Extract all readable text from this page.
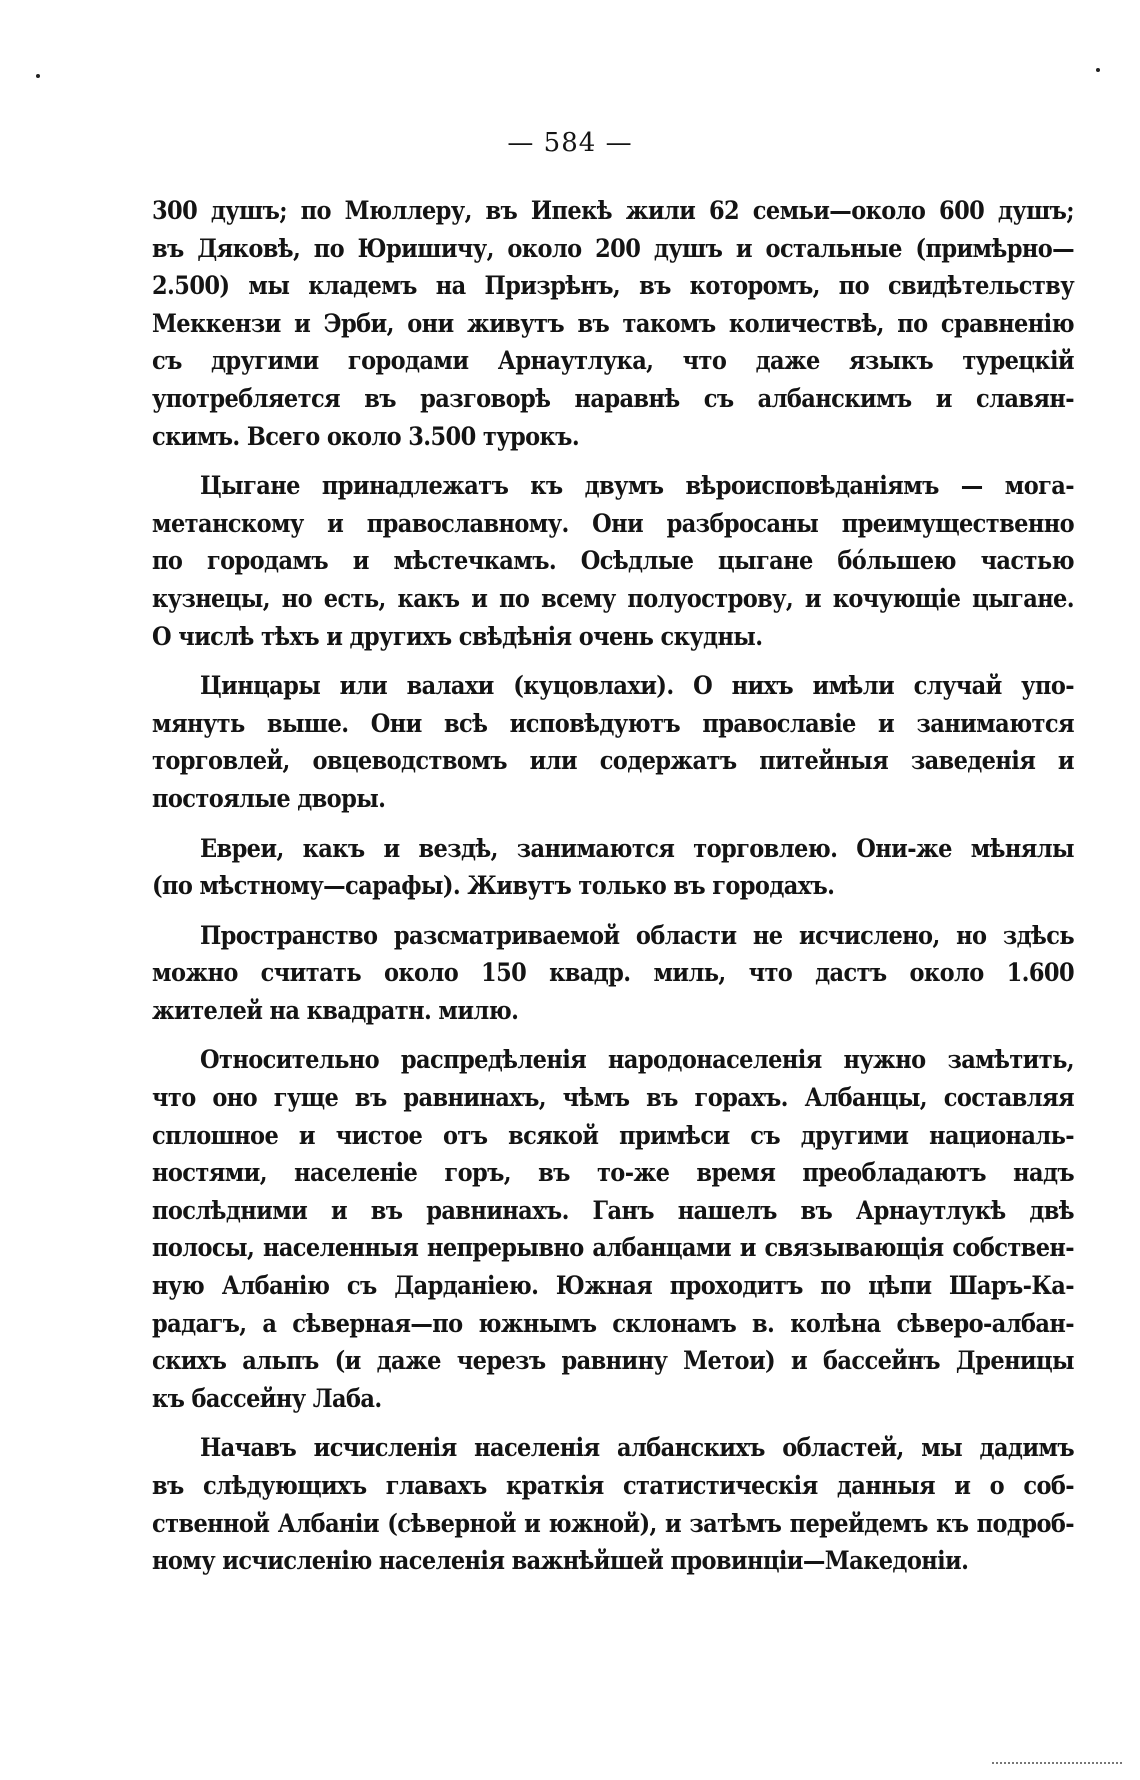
— 584 —

300 душъ; по Мюллеру, въ Ипекѣ жили 62 семьи—около 600 душъ;
въ Дяковѣ, по Юришичу, около 200 душъ и остальные (примѣрно—
2.500) мы кладемъ на Призрѣнъ, въ которомъ, по свидѣтельству
Меккензи и Эрби, они живутъ въ такомъ количествѣ, по сравненію
съ другими городами Арнаутлука, что даже языкъ турецкій
употребляется въ разговорѣ наравнѣ съ албанскимъ и славян-
скимъ. Всего около 3.500 турокъ.

Цыгане принадлежатъ къ двумъ вѣроисповѣданіямъ — мога-
метанскому и православному. Они разбросаны преимущественно
по городамъ и мѣстечкамъ. Осѣдлые цыгане бо́льшею частью
кузнецы, но есть, какъ и по всему полуострову, и кочующіе цыгане.
О числѣ тѣхъ и другихъ свѣдѣнія очень скудны.

Цинцары или валахи (куцовлахи). О нихъ имѣли случай упо-
мянуть выше. Они всѣ исповѣдуютъ православіе и занимаются
торговлей, овцеводствомъ или содержатъ питейныя заведенія и
постоялые дворы.

Евреи, какъ и вездѣ, занимаются торговлею. Они-же мѣнялы
(по мѣстному—сарафы). Живутъ только въ городахъ.

Пространство разсматриваемой области не исчислено, но здѣсь
можно считать около 150 квадр. миль, что дастъ около 1.600
жителей на квадратн. милю.

Относительно распредѣленія народонаселенія нужно замѣтить,
что оно гуще въ равнинахъ, чѣмъ въ горахъ. Албанцы, составляя
сплошное и чистое отъ всякой примѣси съ другими националь-
ностями, населеніе горъ, въ то-же время преобладаютъ надъ
послѣдними и въ равнинахъ. Ганъ нашелъ въ Арнаутлукѣ двѣ
полосы, населенныя непрерывно албанцами и связывающія собствен-
ную Албанію съ Дарданіею. Южная проходитъ по цѣпи Шаръ-Ка-
радагъ, а сѣверная—по южнымъ склонамъ в. колѣна сѣверо-албан-
скихъ альпъ (и даже черезъ равнину Метои) и бассейнъ Дреницы
къ бассейну Лаба.

Начавъ исчисленія населенія албанскихъ областей, мы дадимъ
въ слѣдующихъ главахъ краткія статистическія данныя и о соб-
ственной Албаніи (сѣверной и южной), и затѣмъ перейдемъ къ подроб-
ному исчисленію населенія важнѣйшей провинціи—Македоніи.
